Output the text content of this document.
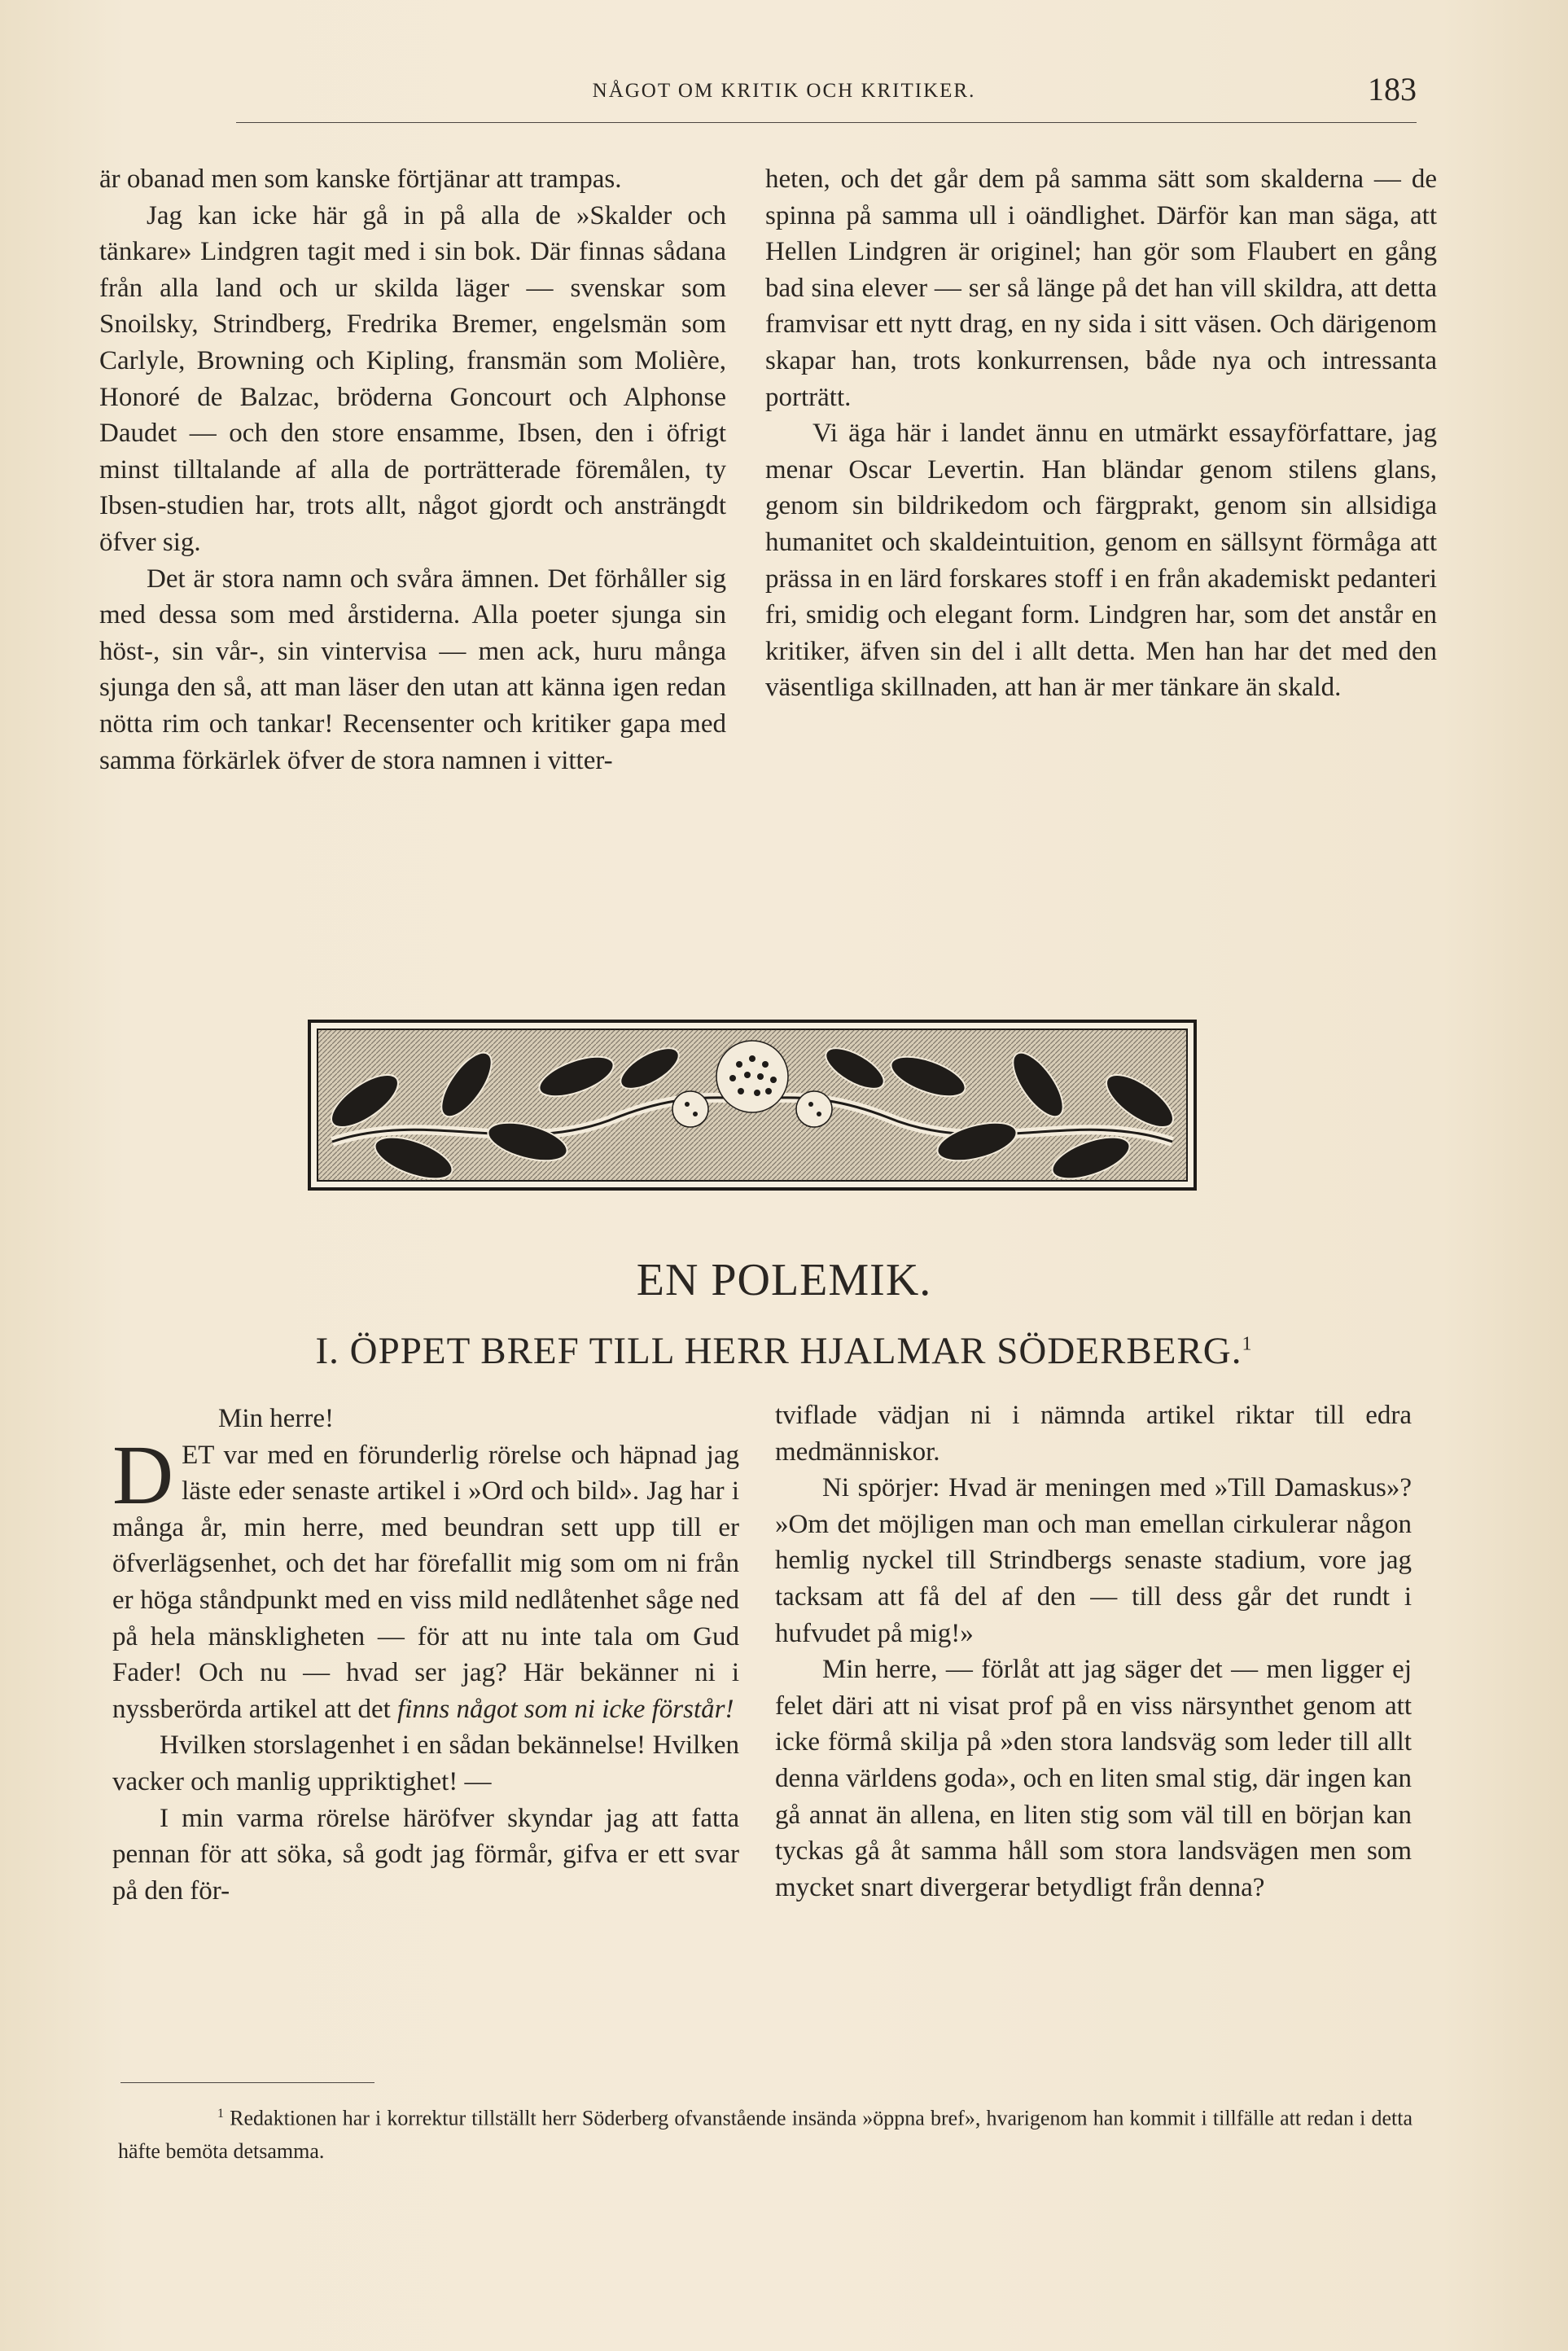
NÅGOT OM KRITIK OCH KRITIKER.	183

är obanad men som kanske förtjänar att trampas.

Jag kan icke här gå in på alla de »Skalder och tänkare» Lindgren tagit med i sin bok. Där finnas sådana från alla land och ur skilda läger — svenskar som Snoilsky, Strindberg, Fredrika Bremer, engelsmän som Carlyle, Browning och Kipling, fransmän som Molière, Honoré de Balzac, bröderna Goncourt och Alphonse Daudet — och den store ensamme, Ibsen, den i öfrigt minst tilltalande af alla de porträtterade föremålen, ty Ibsen-studien har, trots allt, något gjordt och ansträngdt öfver sig.

Det är stora namn och svåra ämnen. Det förhåller sig med dessa som med årstiderna. Alla poeter sjunga sin höst-, sin vår-, sin vintervisa — men ack, huru många sjunga den så, att man läser den utan att känna igen redan nötta rim och tankar! Recensenter och kritiker gapa med samma förkärlek öfver de stora namnen i vitter-

heten, och det går dem på samma sätt som skalderna — de spinna på samma ull i oändlighet. Därför kan man säga, att Hellen Lindgren är originel; han gör som Flaubert en gång bad sina elever — ser så länge på det han vill skildra, att detta framvisar ett nytt drag, en ny sida i sitt väsen. Och därigenom skapar han, trots konkurrensen, både nya och intressanta porträtt.

Vi äga här i landet ännu en utmärkt essayförfattare, jag menar Oscar Levertin. Han bländar genom stilens glans, genom sin bildrikedom och färgprakt, genom sin allsidiga humanitet och skaldeintuition, genom en sällsynt förmåga att prässa in en lärd forskares stoff i en från akademiskt pedanteri fri, smidig och elegant form. Lindgren har, som det anstår en kritiker, äfven sin del i allt detta. Men han har det med den väsentliga skillnaden, att han är mer tänkare än skald.

EN POLEMIK.
I. ÖPPET BREF TILL HERR HJALMAR SÖDERBERG.$^1$

Min herre!

DET var med en förunderlig rörelse och häpnad jag läste eder senaste artikel i »Ord och bild». Jag har i många år, min herre, med beundran sett upp till er öfverlägsenhet, och det har förefallit mig som om ni från er höga ståndpunkt med en viss mild nedlåtenhet såge ned på hela mänskligheten — för att nu inte tala om Gud Fader! Och nu — hvad ser jag? Här bekänner ni i nyssberörda artikel att det finns något som ni icke förstår!

Hvilken storslagenhet i en sådan bekännelse! Hvilken vacker och manlig uppriktighet! —

I min varma rörelse häröfver skyndar jag att fatta pennan för att söka, så godt jag förmår, gifva er ett svar på den för-

tviflade vädjan ni i nämnda artikel riktar till edra medmänniskor.

Ni spörjer: Hvad är meningen med »Till Damaskus»? »Om det möjligen man och man emellan cirkulerar någon hemlig nyckel till Strindbergs senaste stadium, vore jag tacksam att få del af den — till dess går det rundt i hufvudet på mig!»

Min herre, — förlåt att jag säger det — men ligger ej felet däri att ni visat prof på en viss närsynthet genom att icke förmå skilja på »den stora landsväg som leder till allt denna världens goda», och en liten smal stig, där ingen kan gå annat än allena, en liten stig som väl till en början kan tyckas gå åt samma håll som stora landsvägen men som mycket snart divergerar betydligt från denna?

$^1$ Redaktionen har i korrektur tillställt herr Söderberg ofvanstående insända »öppna bref», hvarigenom han kommit i tillfälle att redan i detta häfte bemöta detsamma.
